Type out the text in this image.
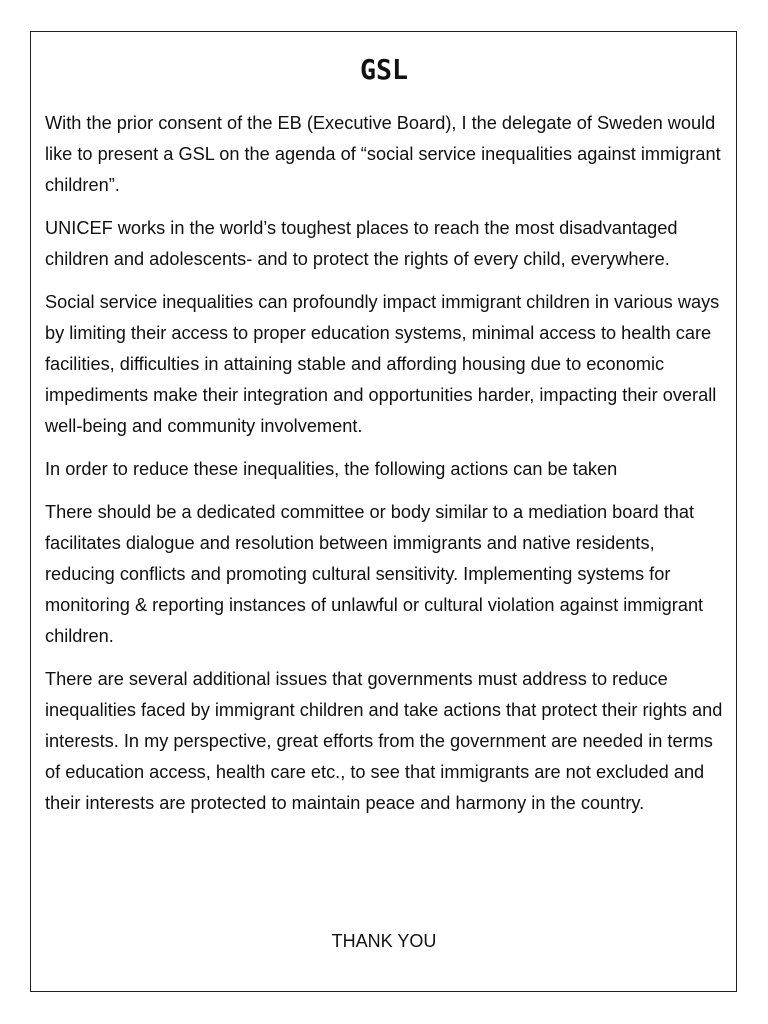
GSL

With the prior consent of the EB (Executive Board), I the delegate of Sweden would like to present a GSL on the agenda of “social service inequalities against immigrant children”.

UNICEF works in the world’s toughest places to reach the most disadvantaged children and adolescents- and to protect the rights of every child, everywhere.

Social service inequalities can profoundly impact immigrant children in various ways by limiting their access to proper education systems, minimal access to health care facilities, difficulties in attaining stable and affording housing due to economic impediments make their integration and opportunities harder, impacting their overall well-being and community involvement.

In order to reduce these inequalities, the following actions can be taken

There should be a dedicated committee or body similar to a mediation board that facilitates dialogue and resolution between immigrants and native residents, reducing conflicts and promoting cultural sensitivity. Implementing systems for monitoring & reporting instances of unlawful or cultural violation against immigrant children.

There are several additional issues that governments must address to reduce inequalities faced by immigrant children and take actions that protect their rights and interests. In my perspective, great efforts from the government are needed in terms of education access, health care etc., to see that immigrants are not excluded and their interests are protected to maintain peace and harmony in the country.

THANK YOU
